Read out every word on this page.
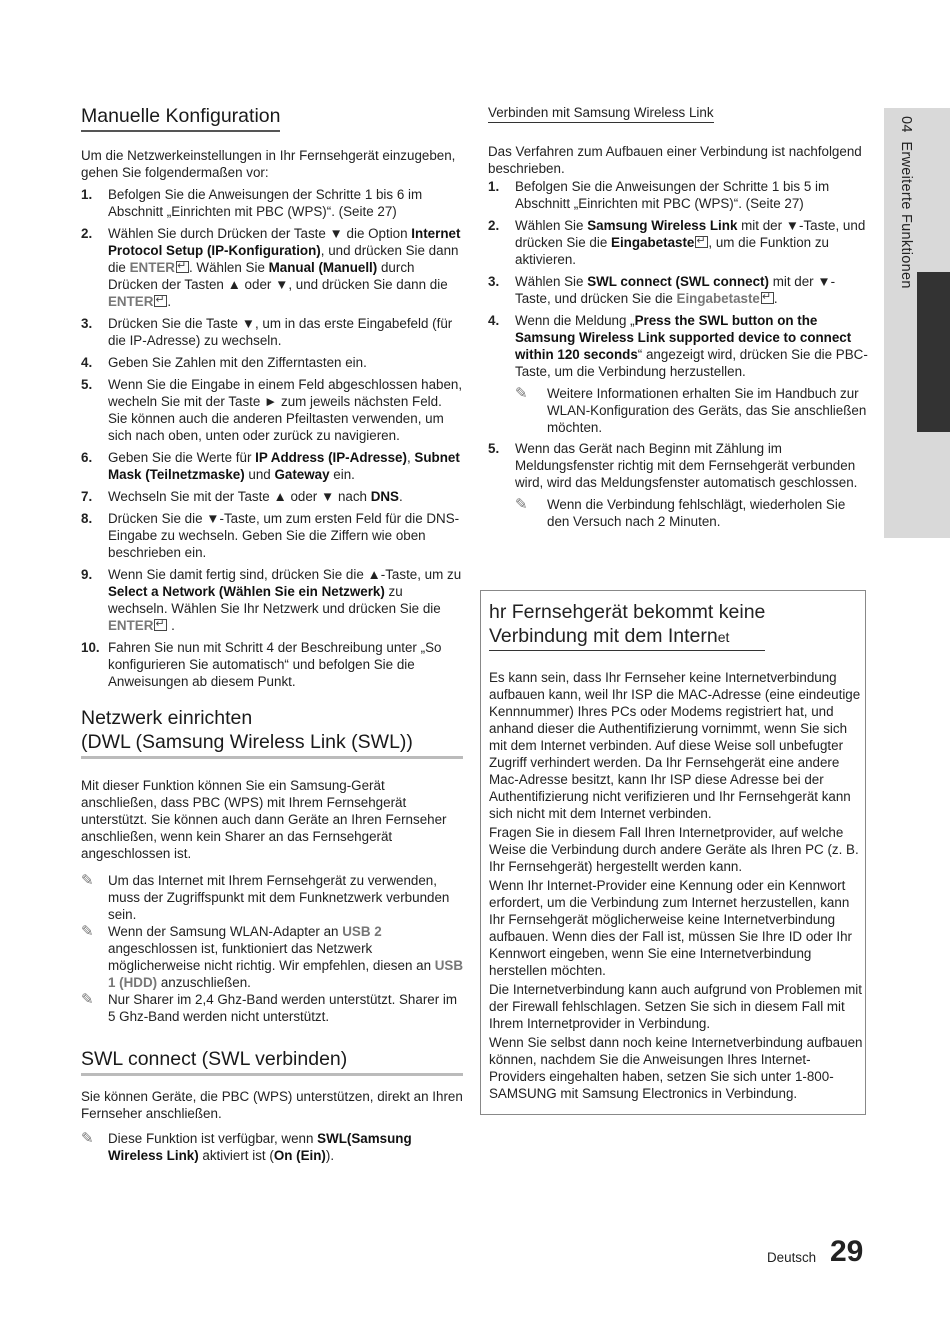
Manuelle Konfiguration

Um die Netzwerkeinstellungen in Ihr Fernsehgerät einzugeben, gehen Sie folgendermaßen vor:

1.	Befolgen Sie die Anweisungen der Schritte 1 bis 6 im Abschnitt „Einrichten mit PBC (WPS)“. (Seite 27)
2.	Wählen Sie durch Drücken der Taste ▼ die Option Internet Protocol Setup (IP-Konfiguration), und drücken Sie dann die ENTER ↵ . Wählen Sie Manual (Manuell) durch Drücken der Tasten ▲ oder ▼, und drücken Sie dann die ENTER ↵ .
3.	Drücken Sie die Taste ▼, um in das erste Eingabefeld (für die IP-Adresse) zu wechseln.
4.	Geben Sie Zahlen mit den Zifferntasten ein.
5.	Wenn Sie die Eingabe in einem Feld abgeschlossen haben, wecheln Sie mit der Taste ► zum jeweils nächsten Feld. Sie können auch die anderen Pfeiltasten verwenden, um sich nach oben, unten oder zurück zu navigieren.
6.	Geben Sie die Werte für IP Address (IP-Adresse), Subnet Mask (Teilnetzmaske) und Gateway ein.
7.	Wechseln Sie mit der Taste ▲ oder ▼ nach DNS.
8.	Drücken Sie die ▼-Taste, um zum ersten Feld für die DNS-Eingabe zu wechseln. Geben Sie die Ziffern wie oben beschrieben ein.
9.	Wenn Sie damit fertig sind, drücken Sie die ▲-Taste, um zu Select a Network (Wählen Sie ein Netzwerk) zu wechseln. Wählen Sie Ihr Netzwerk und drücken Sie die ENTER↵ .
10. Fahren Sie nun mit Schritt 4 der Beschreibung unter „So konfigurieren Sie automatisch“ und befolgen Sie die Anweisungen ab diesem Punkt.
Netzwerk einrichten
(DWL (Samsung Wireless Link (SWL))

Mit dieser Funktion können Sie ein Samsung-Gerät anschließen, dass PBC (WPS) mit Ihrem Fernsehgerät unterstützt. Sie können auch dann Geräte an Ihren Fernseher anschließen, wenn kein Sharer an das Fernsehgerät angeschlossen ist.

✎	Um das Internet mit Ihrem Fernsehgerät zu verwenden, muss der Zugriffspunkt mit dem Funknetzwerk verbunden sein.
✎	Wenn der Samsung WLAN-Adapter an USB 2 angeschlossen ist, funktioniert das Netzwerk möglicherweise nicht richtig. Wir empfehlen, diesen an USB 1 (HDD) anzuschließen.
✎	Nur Sharer im 2,4 Ghz-Band werden unterstützt. Sharer im 5 Ghz-Band werden nicht unterstützt.
SWL connect (SWL verbinden)

Sie können Geräte, die PBC (WPS) unterstützen, direkt an Ihren Fernseher anschließen.

✎	Diese Funktion ist verfügbar, wenn SWL(Samsung Wireless Link) aktiviert ist (On (Ein)).
Verbinden mit Samsung Wireless Link

Das Verfahren zum Aufbauen einer Verbindung ist nachfolgend beschrieben.

1.	Befolgen Sie die Anweisungen der Schritte 1 bis 5 im Abschnitt „Einrichten mit PBC (WPS)“. (Seite 27)
2.	Wählen Sie Samsung Wireless Link mit der ▼-Taste, und drücken Sie die Eingabetaste ↵ , um die Funktion zu aktivieren.
3.	Wählen Sie SWL connect (SWL connect) mit der ▼-Taste, und drücken Sie die Eingabetaste ↵ .
4.	Wenn die Meldung „Press the SWL button on the Samsung Wireless Link supported device to connect within 120 seconds“ angezeigt wird, drücken Sie die PBC-Taste, um die Verbindung herzustellen.
✎	Weitere Informationen erhalten Sie im Handbuch zur WLAN-Konfiguration des Geräts, das Sie anschließen möchten.
5.	Wenn das Gerät nach Beginn mit Zählung im Meldungsfenster richtig mit dem Fernsehgerät verbunden wird, wird das Meldungsfenster automatisch geschlossen.
✎	Wenn die Verbindung fehlschlägt, wiederholen Sie den Versuch nach 2 Minuten.
hr Fernsehgerät bekommt keine
Verbindung mit dem Internet

Es kann sein, dass Ihr Fernseher keine Internetverbindung aufbauen kann, weil Ihr ISP die MAC-Adresse (eine eindeutige Kennnummer) Ihres PCs oder Modems registriert hat, und anhand dieser die Authentifizierung vornimmt, wenn Sie sich mit dem Internet verbinden. Auf diese Weise soll unbefugter Zugriff verhindert werden. Da Ihr Fernsehgerät eine andere Mac-Adresse besitzt, kann Ihr ISP diese Adresse bei der Authentifizierung nicht verifizieren und Ihr Fernsehgerät kann sich nicht mit dem Internet verbinden.

Fragen Sie in diesem Fall Ihren Internetprovider, auf welche Weise die Verbindung durch andere Geräte als Ihren PC (z. B. Ihr Fernsehgerät) hergestellt werden kann.

Wenn Ihr Internet-Provider eine Kennung oder ein Kennwort erfordert, um die Verbindung zum Internet herzustellen, kann Ihr Fernsehgerät möglicherweise keine Internetverbindung aufbauen. Wenn dies der Fall ist, müssen Sie Ihre ID oder Ihr Kennwort eingeben, wenn Sie eine Internetverbindung herstellen möchten.

Die Internetverbindung kann auch aufgrund von Problemen mit der Firewall fehlschlagen. Setzen Sie sich in diesem Fall mit Ihrem Internetprovider in Verbindung.

Wenn Sie selbst dann noch keine Internetverbindung aufbauen können, nachdem Sie die Anweisungen Ihres Internet-Providers eingehalten haben, setzen Sie sich unter 1-800-SAMSUNG mit Samsung Electronics in Verbindung.

04  Erweiterte Funktionen
Deutsch 29
